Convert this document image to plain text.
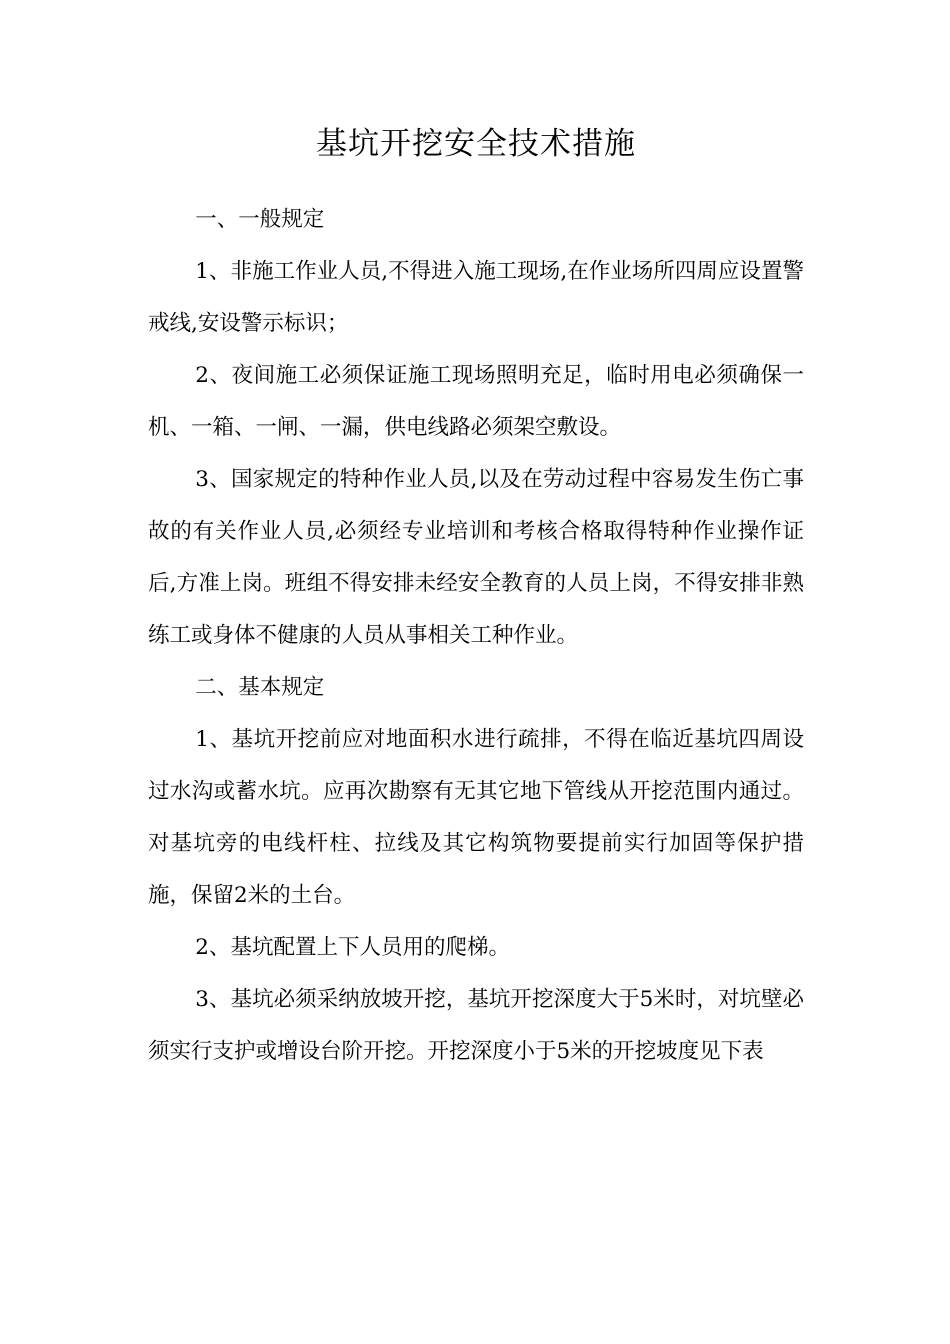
基坑开挖安全技术措施

一、一般规定

1、非施工作业人员,不得进入施工现场,在作业场所四周应设置警戒线,安设警示标识；

2、夜间施工必须保证施工现场照明充足，临时用电必须确保一机、一箱、一闸、一漏，供电线路必须架空敷设。

3、国家规定的特种作业人员,以及在劳动过程中容易发生伤亡事故的有关作业人员,必须经专业培训和考核合格取得特种作业操作证后,方准上岗。班组不得安排未经安全教育的人员上岗，不得安排非熟练工或身体不健康的人员从事相关工种作业。

二、基本规定

1、基坑开挖前应对地面积水进行疏排，不得在临近基坑四周设过水沟或蓄水坑。应再次勘察有无其它地下管线从开挖范围内通过。对基坑旁的电线杆柱、拉线及其它构筑物要提前实行加固等保护措施，保留2米的土台。

2、基坑配置上下人员用的爬梯。

3、基坑必须采纳放坡开挖，基坑开挖深度大于5米时，对坑壁必须实行支护或增设台阶开挖。开挖深度小于5米的开挖坡度见下表
